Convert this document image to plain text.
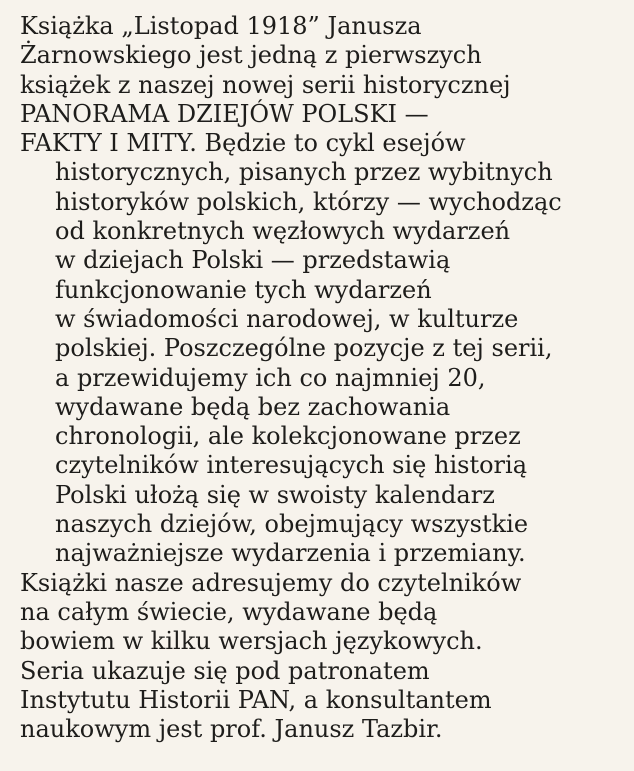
Książka „Listopad 1918” Janusza
Żarnowskiego jest jedną z pierwszych
książek z naszej nowej serii historycznej
PANORAMA DZIEJÓW POLSKI —
FAKTY I MITY. Będzie to cykl esejów
historycznych, pisanych przez wybitnych
historyków polskich, którzy — wychodząc
od konkretnych węzłowych wydarzeń
w dziejach Polski — przedstawią
funkcjonowanie tych wydarzeń
w świadomości narodowej, w kulturze
polskiej. Poszczególne pozycje z tej serii,
a przewidujemy ich co najmniej 20,
wydawane będą bez zachowania
chronologii, ale kolekcjonowane przez
czytelników interesujących się historią
Polski ułożą się w swoisty kalendarz
naszych dziejów, obejmujący wszystkie
najważniejsze wydarzenia i przemiany.
Książki nasze adresujemy do czytelników
na całym świecie, wydawane będą
bowiem w kilku wersjach językowych.
Seria ukazuje się pod patronatem
Instytutu Historii PAN, a konsultantem
naukowym jest prof. Janusz Tazbir.
